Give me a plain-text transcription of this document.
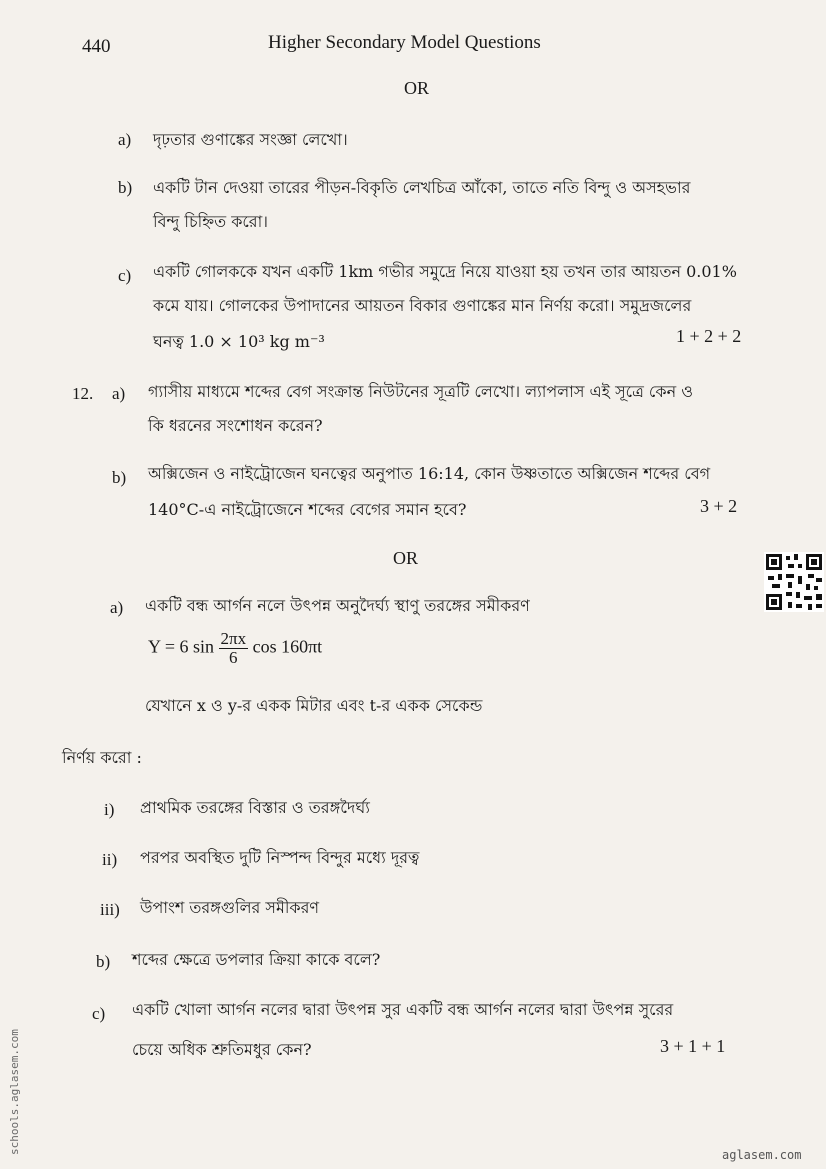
440	Higher Secondary Model Questions
OR
a) দৃঢ়তার গুণাঙ্কের সংজ্ঞা লেখো।
b) একটি টান দেওয়া তারের পীড়ন-বিকৃতি লেখচিত্র আঁকো, তাতে নতি বিন্দু ও অসহভার
বিন্দু চিহ্নিত করো।
c) একটি গোলককে যখন একটি 1km গভীর সমুদ্রে নিয়ে যাওয়া হয় তখন তার আয়তন 0.01%
কমে যায়। গোলকের উপাদানের আয়তন বিকার গুণাঙ্কের মান নির্ণয় করো। সমুদ্রজলের
ঘনত্ব 1.0 × 10³ kg m⁻³	1 + 2 + 2
12. a) গ্যাসীয় মাধ্যমে শব্দের বেগ সংক্রান্ত নিউটনের সূত্রটি লেখো। ল্যাপলাস এই সূত্রে কেন ও
কি ধরনের সংশোধন করেন?
b) অক্সিজেন ও নাইট্রোজেন ঘনত্বের অনুপাত 16:14, কোন উষ্ণতাতে অক্সিজেন শব্দের বেগ
140°C-এ নাইট্রোজেনে শব্দের বেগের সমান হবে?	3 + 2
OR
a) একটি বন্ধ আর্গন নলে উৎপন্ন অনুদৈর্ঘ্য স্থাণু তরঙ্গের সমীকরণ
Y = 6 $\sin \frac{2\pi x}{6}$ cos 160πt
যেখানে x ও y-র একক মিটার এবং t-র একক সেকেন্ড
নির্ণয় করো :
i) প্রাথমিক তরঙ্গের বিস্তার ও তরঙ্গদৈর্ঘ্য
ii) পরপর অবস্থিত দুটি নিস্পন্দ বিন্দুর মধ্যে দূরত্ব
iii) উপাংশ তরঙ্গগুলির সমীকরণ
b) শব্দের ক্ষেত্রে ডপলার ক্রিয়া কাকে বলে?
c) একটি খোলা আর্গন নলের দ্বারা উৎপন্ন সুর একটি বন্ধ আর্গন নলের দ্বারা উৎপন্ন সুরের
চেয়ে অধিক শ্রুতিমধুর কেন?	3 + 1 + 1
schools.aglasem.com	aglasem.com
